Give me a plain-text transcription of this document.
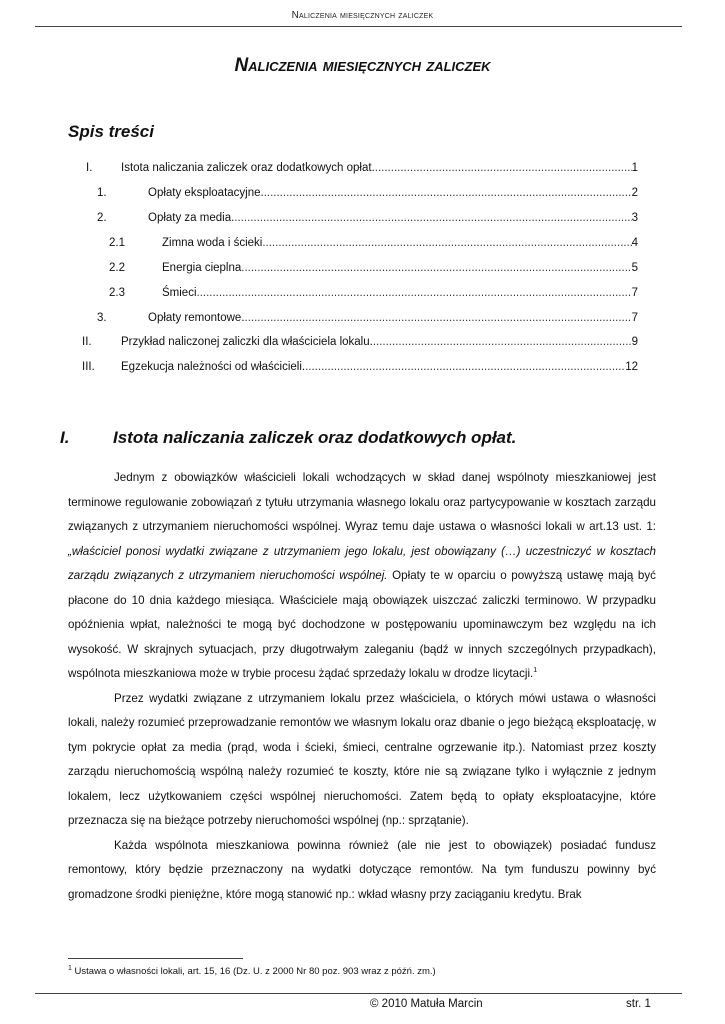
Naliczenia miesięcznych zaliczek
Naliczenia miesięcznych zaliczek
Spis treści
I. Istota naliczania zaliczek oraz dodatkowych opłat. .....	1
1.	Opłaty eksploatacyjne. .....	2
2.	Opłaty za media. .....	3
2.1	Zimna woda i ścieki .....	4
2.2	Energia cieplna .....	5
2.3	Śmieci .....	7
3.	Opłaty remontowe. .....	7
II.	Przykład naliczonej zaliczki dla właściciela lokalu. .....	9
III. Egzekucja należności od właścicieli. .....	12
I.	Istota naliczania zaliczek oraz dodatkowych opłat.

Jednym z obowiązków właścicieli lokali wchodzących w skład danej wspólnoty mieszkaniowej jest terminowe regulowanie zobowiązań z tytułu utrzymania własnego lokalu oraz partycypowanie w kosztach zarządu związanych z utrzymaniem nieruchomości wspólnej. Wyraz temu daje ustawa o własności lokali w art.13 ust. 1: „właściciel ponosi wydatki związane z utrzymaniem jego lokalu, jest obowiązany (…) uczestniczyć w kosztach zarządu związanych z utrzymaniem nieruchomości wspólnej. Opłaty te w oparciu o powyższą ustawę mają być płacone do 10 dnia każdego miesiąca. Właściciele mają obowiązek uiszczać zaliczki terminowo. W przypadku opóźnienia wpłat, należności te mogą być dochodzone w postępowaniu upominawczym bez względu na ich wysokość. W skrajnych sytuacjach, przy długotrwałym zaleganiu (bądź w innych szczególnych przypadkach), wspólnota mieszkaniowa może w trybie procesu żądać sprzedaży lokalu w drodze licytacji.$^1$

Przez wydatki związane z utrzymaniem lokalu przez właściciela, o których mówi ustawa o własności lokali, należy rozumieć przeprowadzanie remontów we własnym lokalu oraz dbanie o jego bieżącą eksploatację, w tym pokrycie opłat za media (prąd, woda i ścieki, śmieci, centralne ogrzewanie itp.). Natomiast przez koszty zarządu nieruchomością wspólną należy rozumieć te koszty, które nie są związane tylko i wyłącznie z jednym lokalem, lecz użytkowaniem części wspólnej nieruchomości. Zatem będą to opłaty eksploatacyjne, które przeznacza się na bieżące potrzeby nieruchomości wspólnej (np.: sprzątanie).

Każda wspólnota mieszkaniowa powinna również (ale nie jest to obowiązek) posiadać fundusz remontowy, który będzie przeznaczony na wydatki dotyczące remontów. Na tym funduszu powinny być gromadzone środki pieniężne, które mogą stanowić np.: wkład własny przy zaciąganiu kredytu. Brak

$^1$ Ustawa o własności lokali, art. 15, 16 (Dz. U. z 2000 Nr 80 poz. 903 wraz z późń. zm.)
© 2010 Matuła Marcin	str. 1
